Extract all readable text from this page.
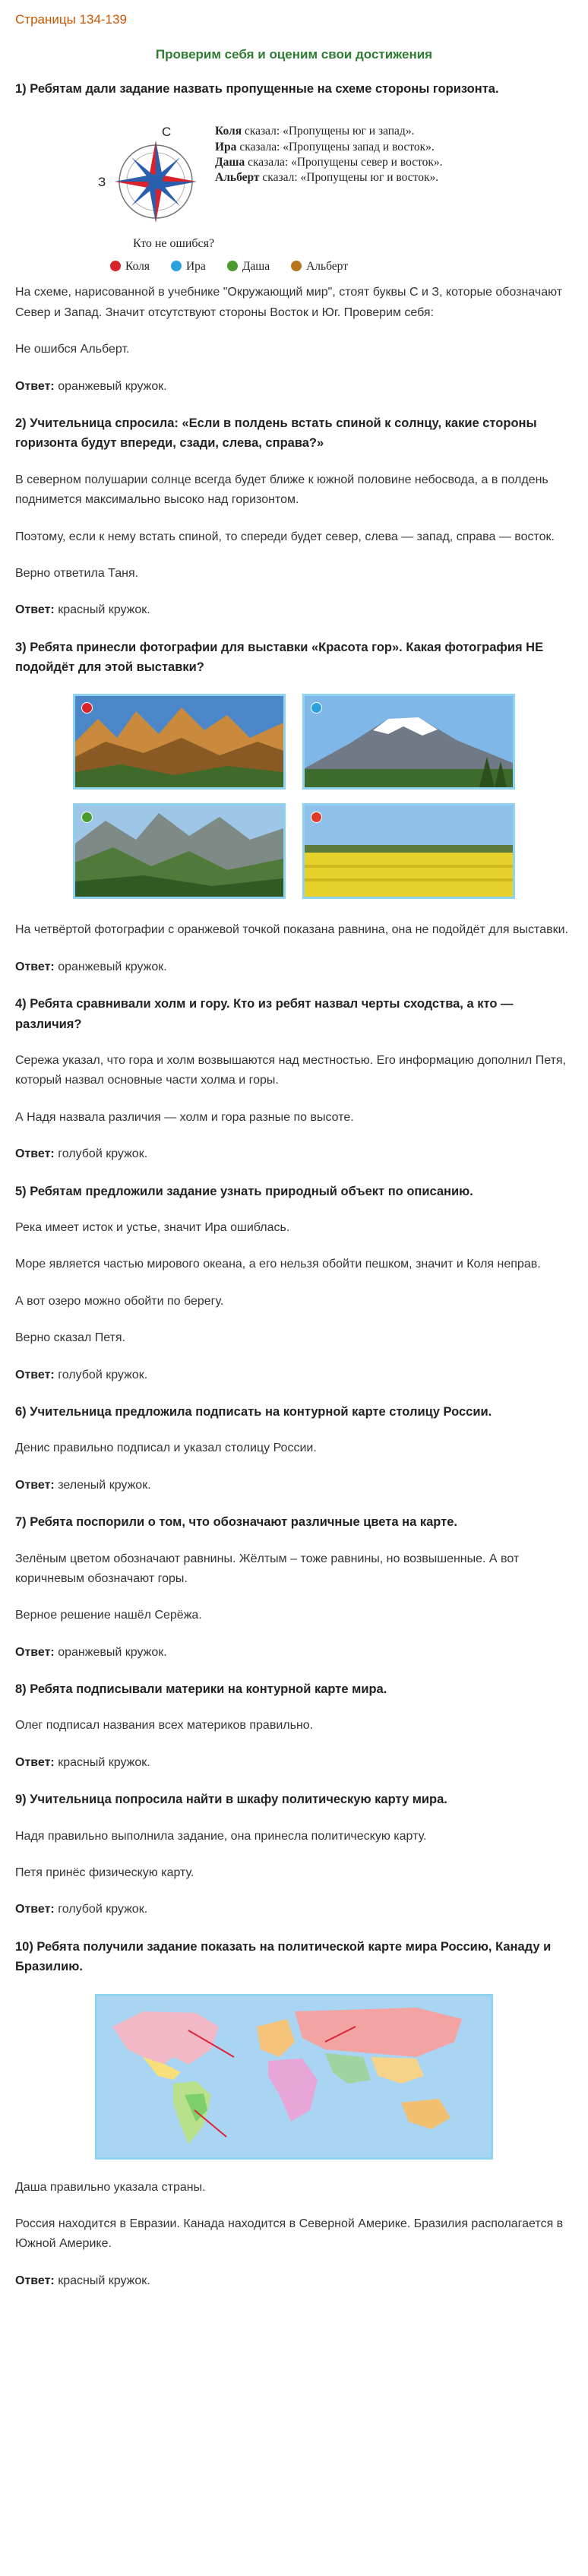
Страницы 134-139
Проверим себя и оценим свои достижения
1) Ребятам дали задание назвать пропущенные на схеме стороны горизонта.
С
З
Коля сказал: «Пропущены юг и запад».
Ира сказала: «Пропущены запад и восток».
Даша сказала: «Пропущены север и восток».
Альберт сказал: «Пропущены юг и восток».
Кто не ошибся?
Коля	Ира	Даша	Альберт

На схеме, нарисованной в учебнике "Окружающий мир", стоят буквы С и З, которые обозначают Север и Запад. Значит отсутствуют стороны Восток и Юг. Проверим себя:

Не ошибся Альберт.

Ответ: оранжевый кружок.

2) Учительница спросила: «Если в полдень встать спиной к солнцу, какие стороны горизонта будут впереди, сзади, слева, справа?»

В северном полушарии солнце всегда будет ближе к южной половине небосвода, а в полдень поднимется максимально высоко над горизонтом.

Поэтому, если к нему встать спиной, то спереди будет север, слева — запад, справа — восток.

Верно ответила Таня.

Ответ: красный кружок.

3) Ребята принесли фотографии для выставки «Красота гор». Какая фотография НЕ подойдёт для этой выставки?

На четвёртой фотографии с оранжевой точкой показана равнина, она не подойдёт для выставки.

Ответ: оранжевый кружок.

4) Ребята сравнивали холм и гору. Кто из ребят назвал черты сходства, а кто — различия?

Сережа указал, что гора и холм возвышаются над местностью. Его информацию дополнил Петя, который назвал основные части холма и горы.

А Надя назвала различия — холм и гора разные по высоте.

Ответ: голубой кружок.

5) Ребятам предложили задание узнать природный объект по описанию.

Река имеет исток и устье, значит Ира ошиблась.

Море является частью мирового океана, а его нельзя обойти пешком, значит и Коля неправ.

А вот озеро можно обойти по берегу.

Верно сказал Петя.

Ответ: голубой кружок.

6) Учительница предложила подписать на контурной карте столицу России.

Денис правильно подписал и указал столицу России.

Ответ: зеленый кружок.

7) Ребята поспорили о том, что обозначают различные цвета на карте.

Зелёным цветом обозначают равнины. Жёлтым – тоже равнины, но возвышенные. А вот коричневым обозначают горы.

Верное решение нашёл Серёжа.

Ответ: оранжевый кружок.

8) Ребята подписывали материки на контурной карте мира.

Олег подписал названия всех материков правильно.

Ответ: красный кружок.

9) Учительница попросила найти в шкафу политическую карту мира.

Надя правильно выполнила задание, она принесла политическую карту.

Петя принёс физическую карту.

Ответ: голубой кружок.

10) Ребята получили задание показать на политической карте мира Россию, Канаду и Бразилию.

Даша правильно указала страны.

Россия находится в Евразии. Канада находится в Северной Америке. Бразилия располагается в Южной Америке.

Ответ: красный кружок.
